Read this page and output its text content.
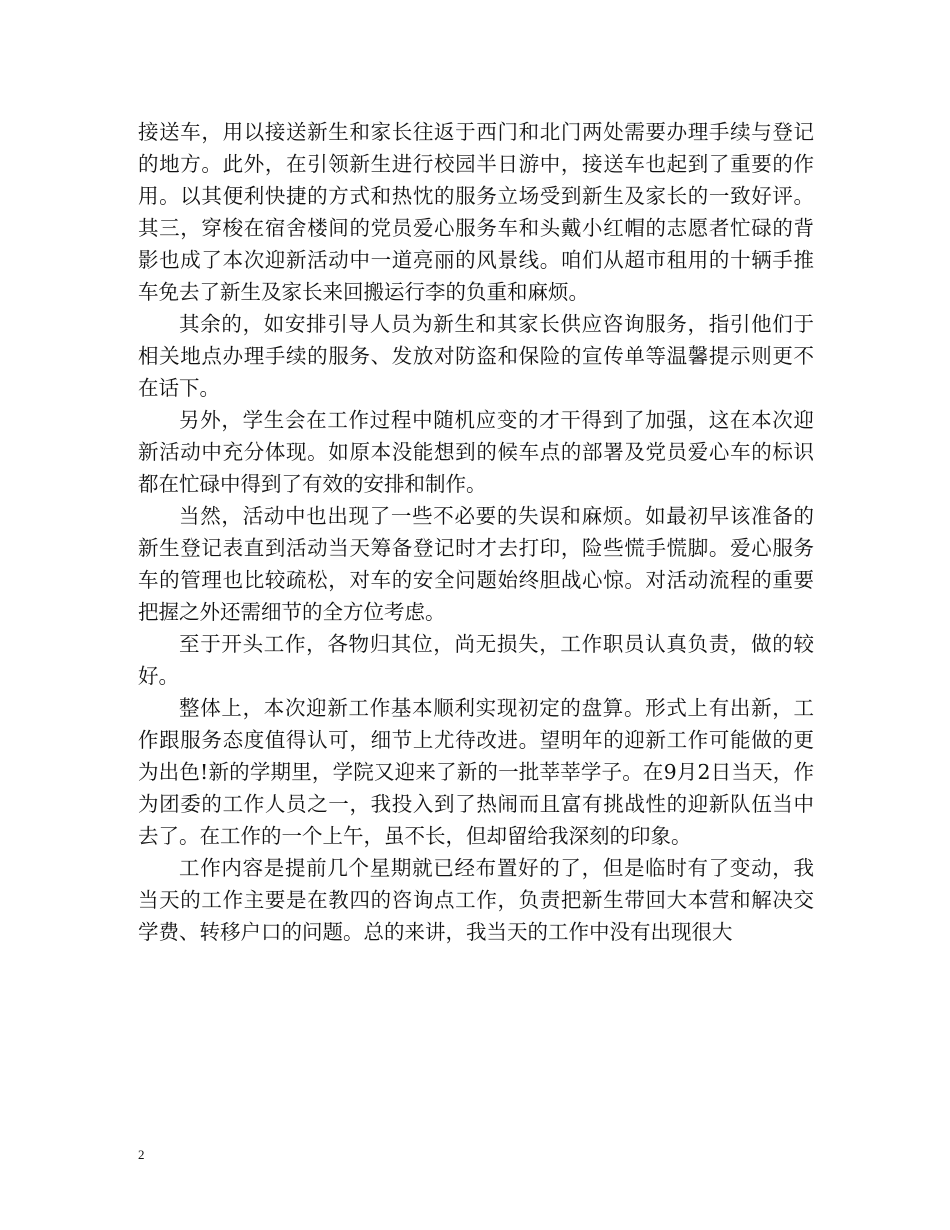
接送车，用以接送新生和家长往返于西门和北门两处需要办理手续与登记的地方。此外，在引领新生进行校园半日游中，接送车也起到了重要的作用。以其便利快捷的方式和热忱的服务立场受到新生及家长的一致好评。其三，穿梭在宿舍楼间的党员爱心服务车和头戴小红帽的志愿者忙碌的背影也成了本次迎新活动中一道亮丽的风景线。咱们从超市租用的十辆手推车免去了新生及家长来回搬运行李的负重和麻烦。

其余的，如安排引导人员为新生和其家长供应咨询服务，指引他们于相关地点办理手续的服务、发放对防盗和保险的宣传单等温馨提示则更不在话下。

另外，学生会在工作过程中随机应变的才干得到了加强，这在本次迎新活动中充分体现。如原本没能想到的候车点的部署及党员爱心车的标识都在忙碌中得到了有效的安排和制作。

当然，活动中也出现了一些不必要的失误和麻烦。如最初早该准备的新生登记表直到活动当天筹备登记时才去打印，险些慌手慌脚。爱心服务车的管理也比较疏松，对车的安全问题始终胆战心惊。对活动流程的重要把握之外还需细节的全方位考虑。

至于开头工作，各物归其位，尚无损失，工作职员认真负责，做的较好。

整体上，本次迎新工作基本顺利实现初定的盘算。形式上有出新，工作跟服务态度值得认可，细节上尤待改进。望明年的迎新工作可能做的更为出色!新的学期里，学院又迎来了新的一批莘莘学子。在9月2日当天，作为团委的工作人员之一，我投入到了热闹而且富有挑战性的迎新队伍当中去了。在工作的一个上午，虽不长，但却留给我深刻的印象。

工作内容是提前几个星期就已经布置好的了，但是临时有了变动，我当天的工作主要是在教四的咨询点工作，负责把新生带回大本营和解决交学费、转移户口的问题。总的来讲，我当天的工作中没有出现很大

2
